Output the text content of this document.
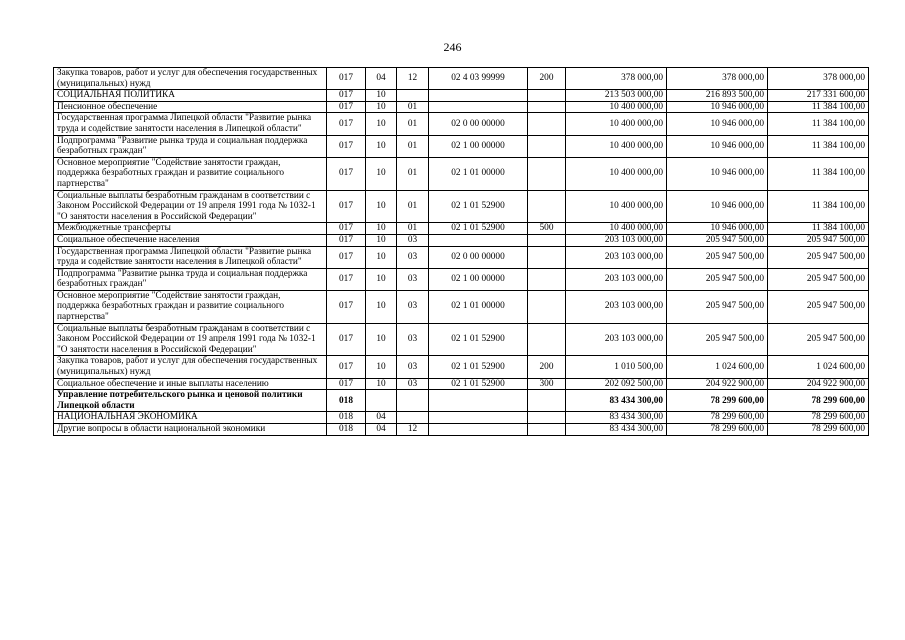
246
Закупка товаров, работ и услуг для обеспечения государственных (муниципальных) нужд	017	04	12	02 4 03 99999	200	378 000,00	378 000,00	378 000,00
СОЦИАЛЬНАЯ ПОЛИТИКА	017	10				213 503 000,00	216 893 500,00	217 331 600,00
Пенсионное обеспечение	017	10	01			10 400 000,00	10 946 000,00	11 384 100,00
Государственная программа Липецкой области "Развитие рынка труда и содействие занятости населения в Липецкой области"	017	10	01	02 0 00 00000		10 400 000,00	10 946 000,00	11 384 100,00
Подпрограмма "Развитие рынка труда и социальная поддержка безработных граждан"	017	10	01	02 1 00 00000		10 400 000,00	10 946 000,00	11 384 100,00
Основное мероприятие "Содействие занятости граждан, поддержка безработных граждан и развитие социального партнерства"	017	10	01	02 1 01 00000		10 400 000,00	10 946 000,00	11 384 100,00
Социальные выплаты безработным гражданам в соответствии с Законом Российской Федерации от 19 апреля 1991 года № 1032-1 "О занятости населения в Российской Федерации"	017	10	01	02 1 01 52900		10 400 000,00	10 946 000,00	11 384 100,00
Межбюджетные трансферты	017	10	01	02 1 01 52900	500	10 400 000,00	10 946 000,00	11 384 100,00
Социальное обеспечение населения	017	10	03			203 103 000,00	205 947 500,00	205 947 500,00
Государственная программа Липецкой области "Развитие рынка труда и содействие занятости населения в Липецкой области"	017	10	03	02 0 00 00000		203 103 000,00	205 947 500,00	205 947 500,00
Подпрограмма "Развитие рынка труда и социальная поддержка безработных граждан"	017	10	03	02 1 00 00000		203 103 000,00	205 947 500,00	205 947 500,00
Основное мероприятие "Содействие занятости граждан, поддержка безработных граждан и развитие социального партнерства"	017	10	03	02 1 01 00000		203 103 000,00	205 947 500,00	205 947 500,00
Социальные выплаты безработным гражданам в соответствии с Законом Российской Федерации от 19 апреля 1991 года № 1032-1 "О занятости населения в Российской Федерации"	017	10	03	02 1 01 52900		203 103 000,00	205 947 500,00	205 947 500,00
Закупка товаров, работ и услуг для обеспечения государственных (муниципальных) нужд	017	10	03	02 1 01 52900	200	1 010 500,00	1 024 600,00	1 024 600,00
Социальное обеспечение и иные выплаты населению	017	10	03	02 1 01 52900	300	202 092 500,00	204 922 900,00	204 922 900,00
Управление потребительского рынка и ценовой политики Липецкой области	018					83 434 300,00	78 299 600,00	78 299 600,00
НАЦИОНАЛЬНАЯ ЭКОНОМИКА	018	04				83 434 300,00	78 299 600,00	78 299 600,00
Другие вопросы в области национальной экономики	018	04	12			83 434 300,00	78 299 600,00	78 299 600,00
